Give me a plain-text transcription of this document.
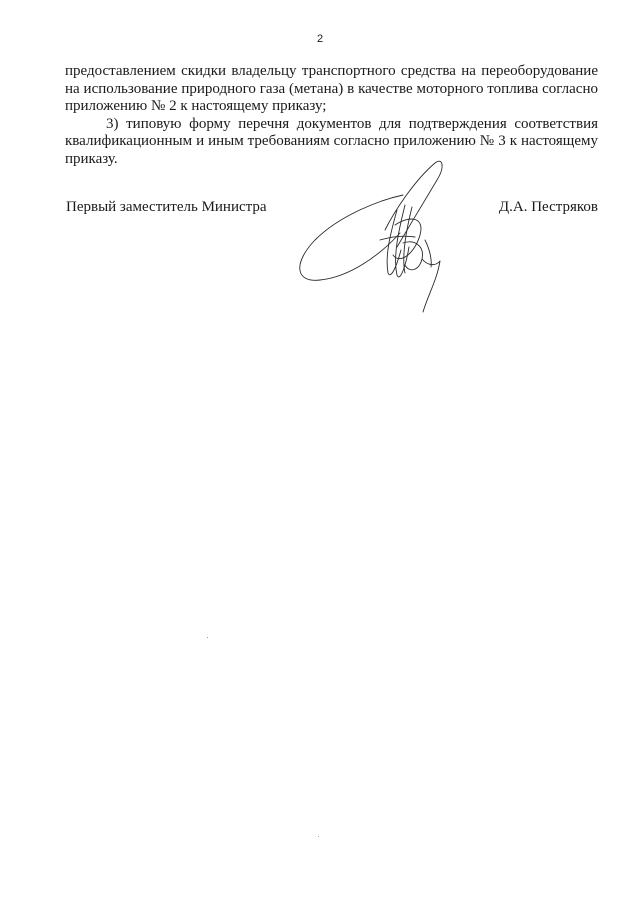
2

предоставлением скидки владельцу транспортного средства на переоборудование на использование природного газа (метана) в качестве моторного топлива согласно приложению № 2 к настоящему приказу;

3) типовую форму перечня документов для подтверждения соответствия квалификационным и иным требованиям согласно приложению № 3 к настоящему приказу.

Первый заместитель Министра	Д.А. Пестряков
